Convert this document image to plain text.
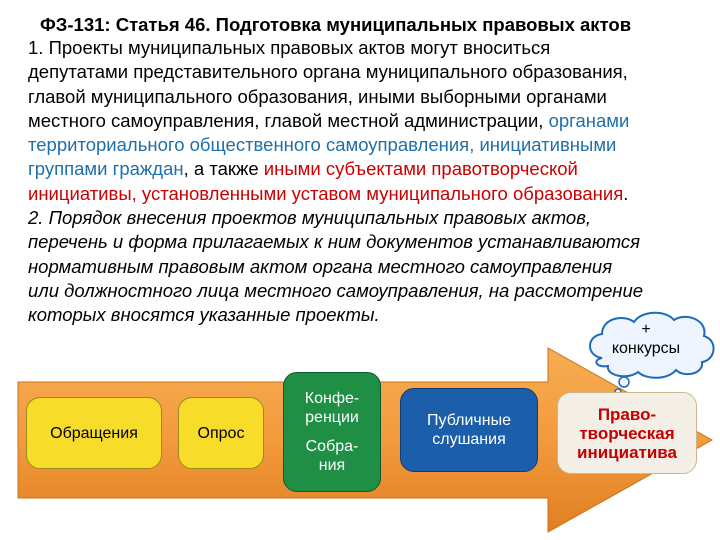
ФЗ-131: Статья 46. Подготовка муниципальных правовых актов
1. Проекты муниципальных правовых актов могут вноситься
депутатами представительного органа муниципального образования,
главой муниципального образования, иными выборными органами
местного самоуправления, главой местной администрации, органами
территориального общественного самоуправления, инициативными
группами граждан, а также иными субъектами правотворческой
инициативы, установленными уставом муниципального образования.
2. Порядок внесения проектов муниципальных правовых актов,
перечень и форма прилагаемых к ним документов устанавливаются
нормативным правовым актом органа местного самоуправления
или должностного лица местного самоуправления, на рассмотрение
которых вносятся указанные проекты.
+
конкурсы
Обращения	Опрос
Конфе-
ренции
Собра-
ния
Публичные
слушания
Право-
творческая
инициатива
